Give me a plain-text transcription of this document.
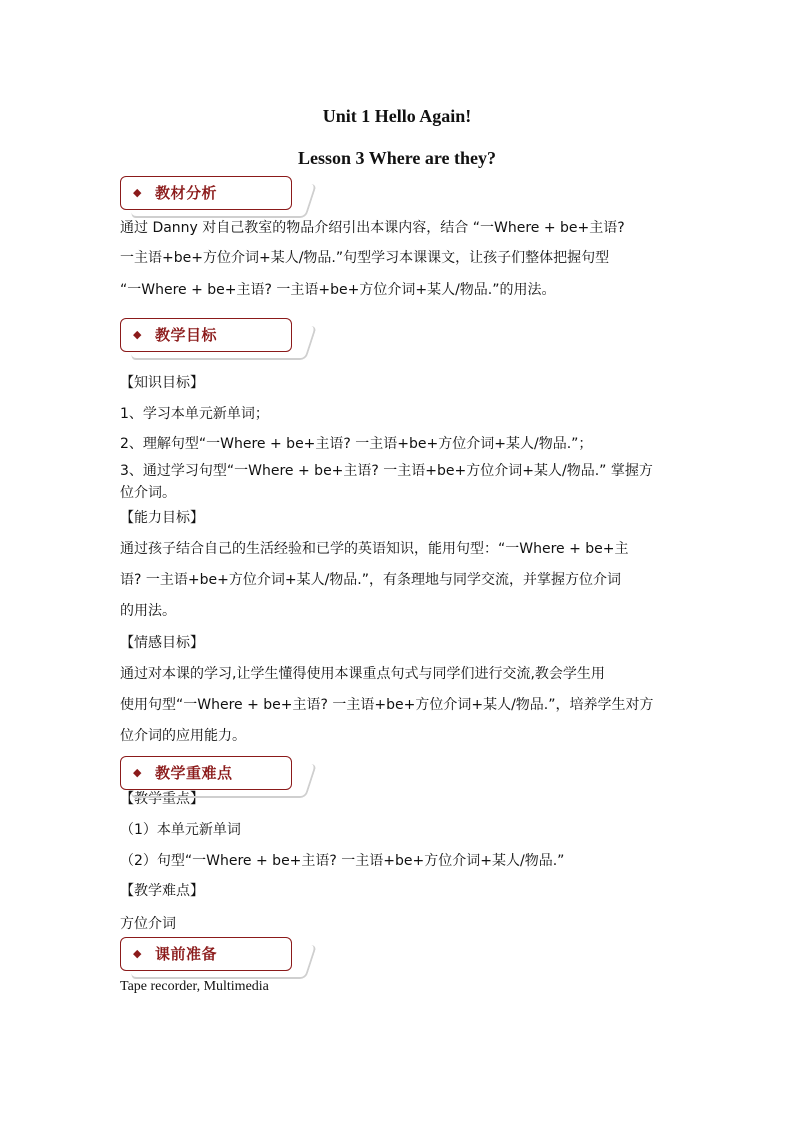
Unit 1 Hello Again!
Lesson 3 Where are they?
◆ 教材分析
通过 Danny 对自己教室的物品介绍引出本课内容，结合 “一Where + be+主语?
一主语+be+方位介词+某人/物品.”句型学习本课课文，让孩子们整体把握句型
“一Where + be+主语? 一主语+be+方位介词+某人/物品.”的用法。
◆ 教学目标
【知识目标】
1、学习本单元新单词；
2、理解句型“一Where + be+主语? 一主语+be+方位介词+某人/物品.”；
3、通过学习句型“一Where + be+主语? 一主语+be+方位介词+某人/物品.” 掌握方
位介词。
【能力目标】
通过孩子结合自己的生活经验和已学的英语知识，能用句型：“一Where + be+主
语? 一主语+be+方位介词+某人/物品.”，有条理地与同学交流，并掌握方位介词
的用法。
【情感目标】
通过对本课的学习,让学生懂得使用本课重点句式与同学们进行交流,教会学生用
使用句型“一Where + be+主语? 一主语+be+方位介词+某人/物品.”，培养学生对方
位介词的应用能力。
◆ 教学重难点
【教学重点】
（1）本单元新单词
（2）句型“一Where + be+主语? 一主语+be+方位介词+某人/物品.”
【教学难点】
方位介词
◆ 课前准备
Tape recorder, Multimedia
